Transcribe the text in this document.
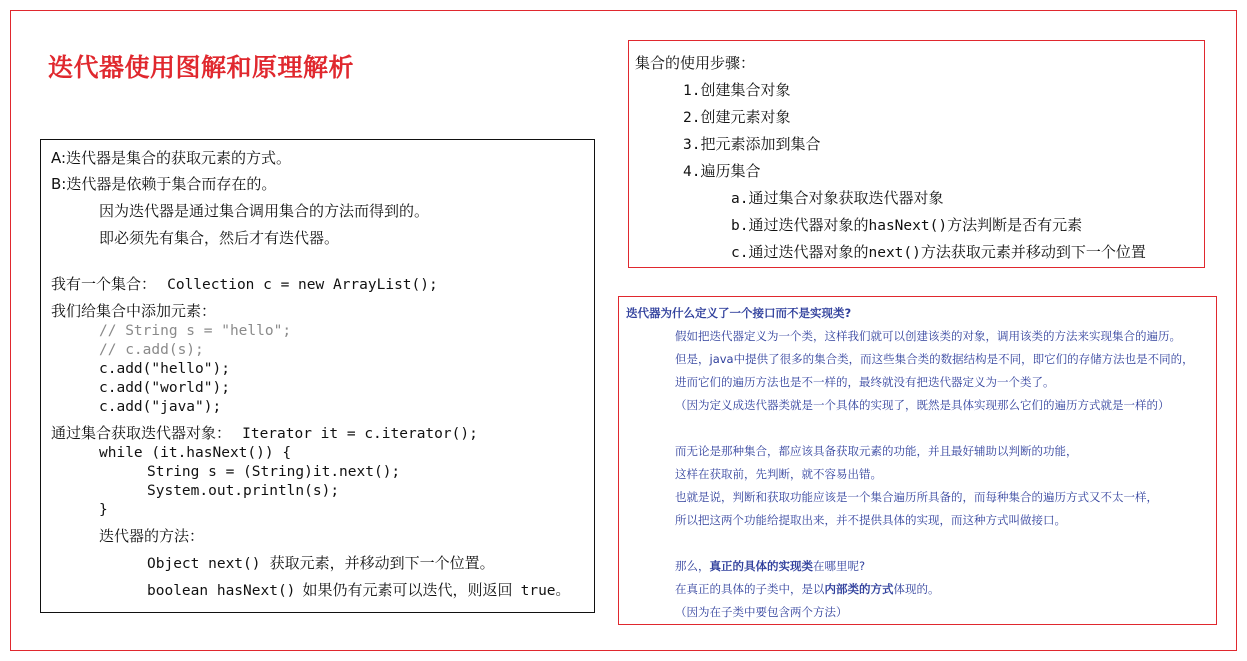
迭代器使用图解和原理解析
A:迭代器是集合的获取元素的方式。
B:迭代器是依赖于集合而存在的。
因为迭代器是通过集合调用集合的方法而得到的。
即必须先有集合，然后才有迭代器。
我有一个集合： Collection c = new ArrayList();
我们给集合中添加元素：
// String s = "hello";
// c.add(s);
c.add("hello");
c.add("world");
c.add("java");
通过集合获取迭代器对象： Iterator it = c.iterator();
while (it.hasNext()) {
String s = (String)it.next();
System.out.println(s);
}
迭代器的方法：
Object next() 获取元素，并移动到下一个位置。
boolean hasNext() 如果仍有元素可以迭代，则返回 true。
集合的使用步骤：
1.创建集合对象
2.创建元素对象
3.把元素添加到集合
4.遍历集合
a.通过集合对象获取迭代器对象
b.通过迭代器对象的hasNext()方法判断是否有元素
c.通过迭代器对象的next()方法获取元素并移动到下一个位置
迭代器为什么定义了一个接口而不是实现类?
假如把迭代器定义为一个类，这样我们就可以创建该类的对象，调用该类的方法来实现集合的遍历。
但是，java中提供了很多的集合类，而这些集合类的数据结构是不同，即它们的存储方法也是不同的，
进而它们的遍历方法也是不一样的，最终就没有把迭代器定义为一个类了。
（因为定义成迭代器类就是一个具体的实现了，既然是具体实现那么它们的遍历方式就是一样的）
而无论是那种集合，都应该具备获取元素的功能，并且最好辅助以判断的功能，
这样在获取前，先判断，就不容易出错。
也就是说，判断和获取功能应该是一个集合遍历所具备的，而每种集合的遍历方式又不太一样，
所以把这两个功能给提取出来，并不提供具体的实现，而这种方式叫做接口。
那么，真正的具体的实现类在哪里呢?
在真正的具体的子类中，是以内部类的方式体现的。
（因为在子类中要包含两个方法）
